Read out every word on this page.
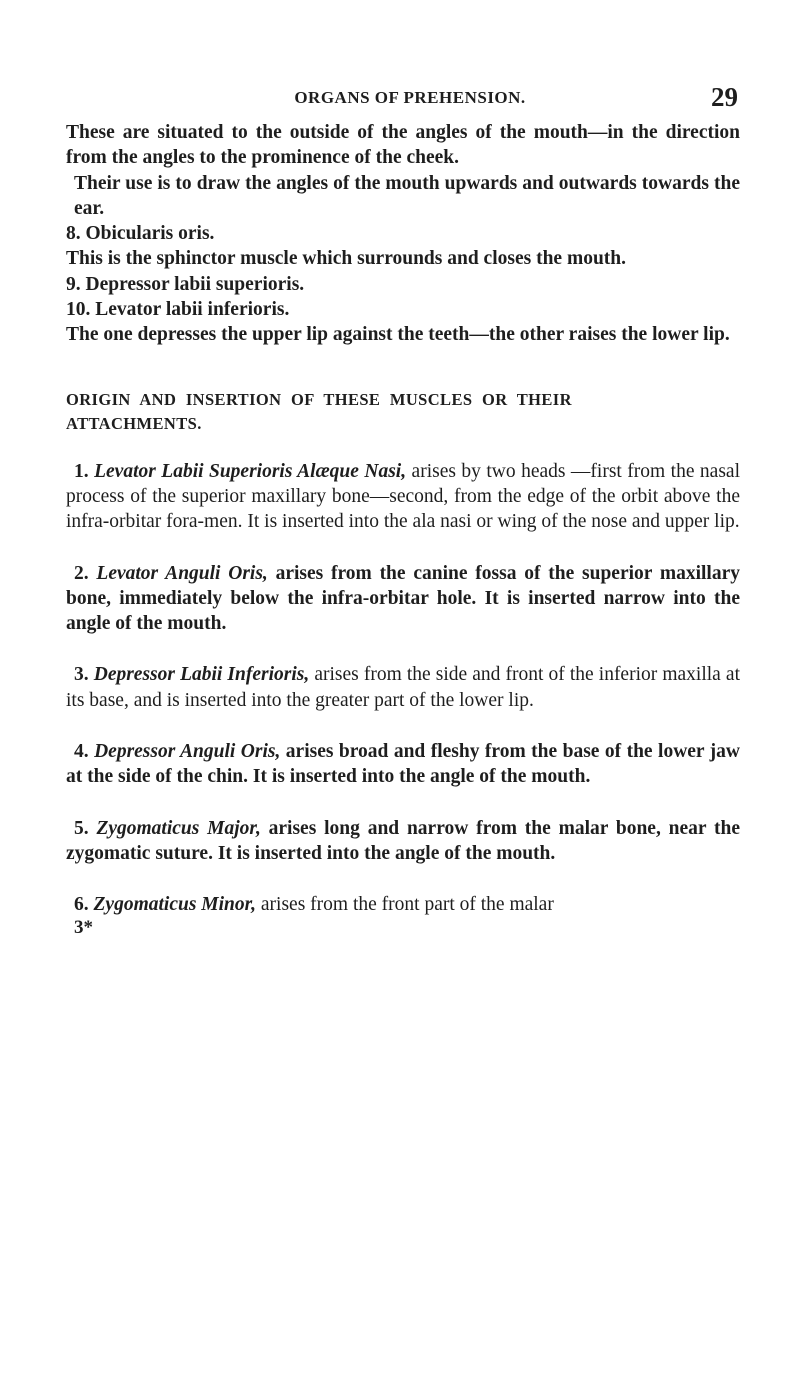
ORGANS OF PREHENSION.	29

These are situated to the outside of the angles of the mouth—in the direction from the angles to the prominence of the cheek.

Their use is to draw the angles of the mouth upwards and outwards towards the ear.

8. Obicularis oris.

This is the sphinctor muscle which surrounds and closes the mouth.

9. Depressor labii superioris.

10. Levator labii inferioris.

The one depresses the upper lip against the teeth—the other raises the lower lip.

ORIGIN AND INSERTION OF THESE MUSCLES OR THEIR
ATTACHMENTS.

1. Levator Labii Superioris Alæque Nasi, arises by two heads —first from the nasal process of the superior maxillary bone—second, from the edge of the orbit above the infra-orbitar fora-men. It is inserted into the ala nasi or wing of the nose and upper lip.

2. Levator Anguli Oris, arises from the canine fossa of the superior maxillary bone, immediately below the infra-orbitar hole. It is inserted narrow into the angle of the mouth.

3. Depressor Labii Inferioris, arises from the side and front of the inferior maxilla at its base, and is inserted into the greater part of the lower lip.

4. Depressor Anguli Oris, arises broad and fleshy from the base of the lower jaw at the side of the chin. It is inserted into the angle of the mouth.

5. Zygomaticus Major, arises long and narrow from the malar bone, near the zygomatic suture. It is inserted into the angle of the mouth.

6. Zygomaticus Minor, arises from the front part of the malar

3*
